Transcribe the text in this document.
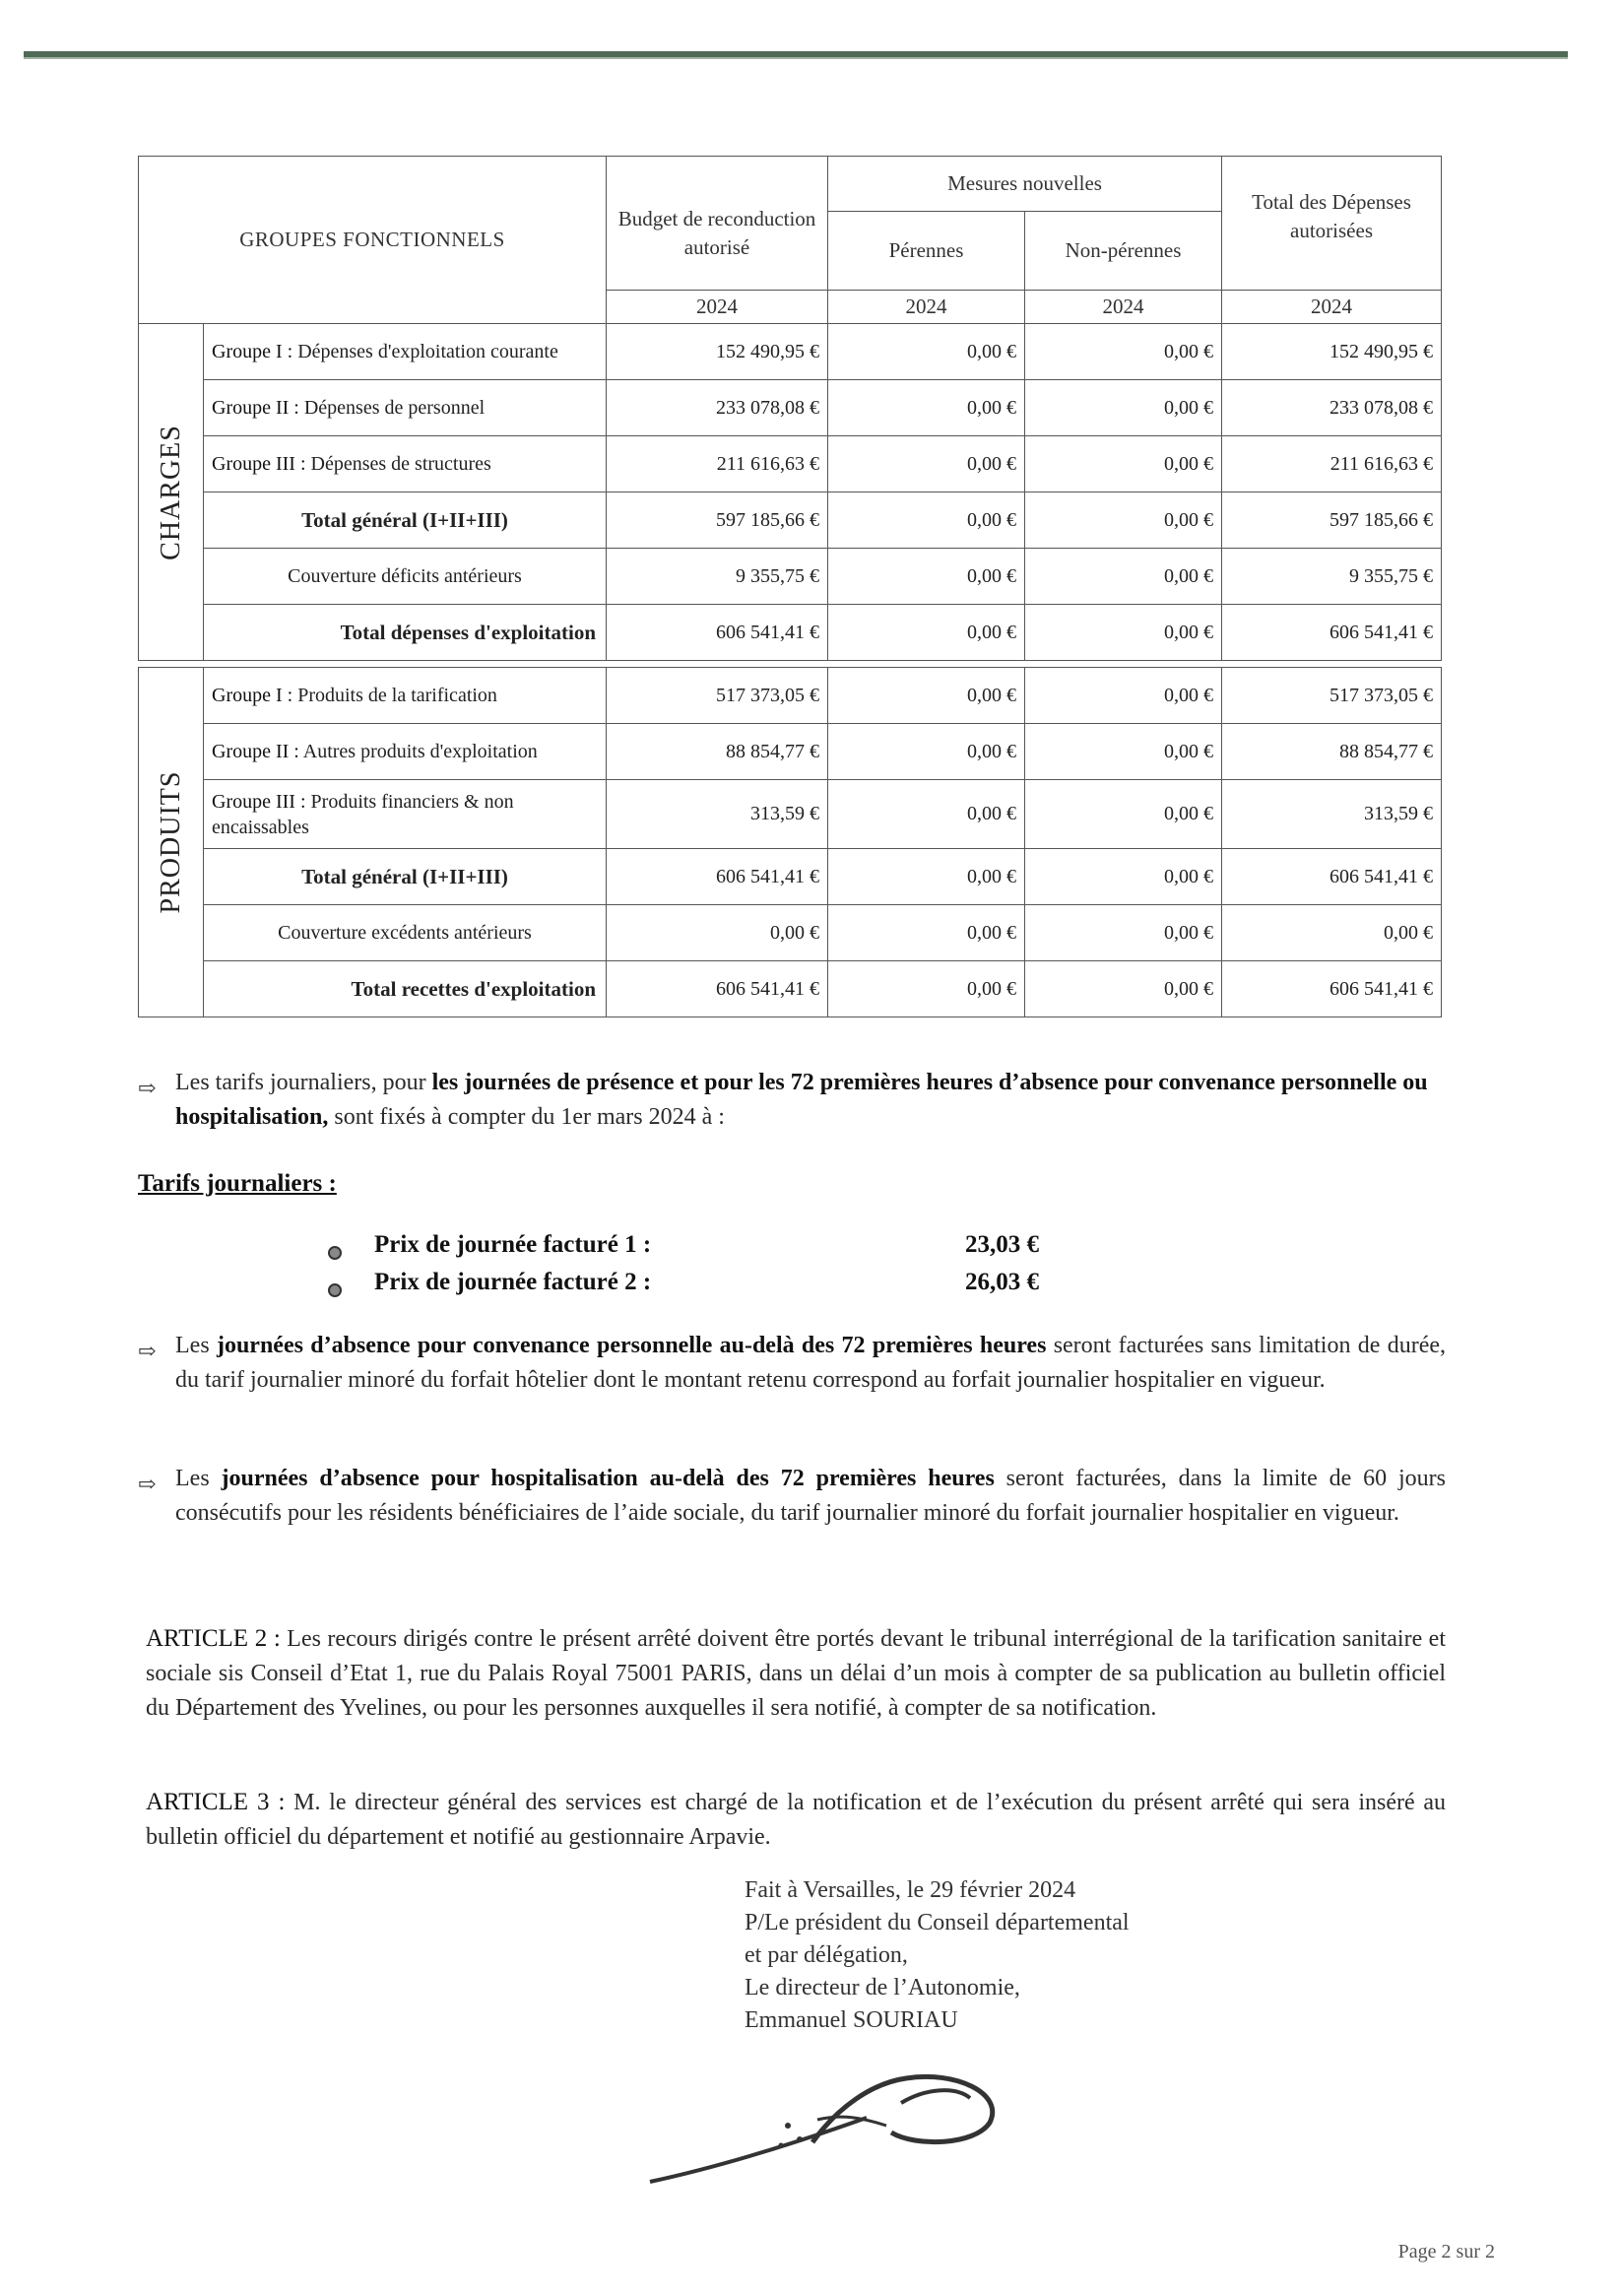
GROUPES FONCTIONNELS		Budget de reconduction autorisé	Mesures nouvelles		Total des Dépenses autorisées
			Pérennes	Non-pérennes	
		2024	2024	2024	2024

CHARGES	Groupe I : Dépenses d'exploitation courante	152 490,95 €	0,00 €	0,00 €	152 490,95 €
	Groupe II : Dépenses de personnel	233 078,08 €	0,00 €	0,00 €	233 078,08 €
	Groupe III : Dépenses de structures	211 616,63 €	0,00 €	0,00 €	211 616,63 €
	Total général (I+II+III)	597 185,66 €	0,00 €	0,00 €	597 185,66 €
	Couverture déficits antérieurs	9 355,75 €	0,00 €	0,00 €	9 355,75 €
	Total dépenses d'exploitation	606 541,41 €	0,00 €	0,00 €	606 541,41 €

PRODUITS	Groupe I : Produits de la tarification	517 373,05 €	0,00 €	0,00 €	517 373,05 €
	Groupe II : Autres produits d'exploitation	88 854,77 €	0,00 €	0,00 €	88 854,77 €
	Groupe III : Produits financiers & non encaissables	313,59 €	0,00 €	0,00 €	313,59 €
	Total général (I+II+III)	606 541,41 €	0,00 €	0,00 €	606 541,41 €
	Couverture excédents antérieurs	0,00 €	0,00 €	0,00 €	0,00 €
	Total recettes d'exploitation	606 541,41 €	0,00 €	0,00 €	606 541,41 €
⇨ Les tarifs journaliers, pour les journées de présence et pour les 72 premières heures d’absence pour convenance personnelle ou hospitalisation, sont fixés à compter du 1er mars 2024 à :
Tarifs journaliers :
Prix de journée facturé 1 :	23,03 €
Prix de journée facturé 2 :	26,03 €
⇨ Les journées d’absence pour convenance personnelle au-delà des 72 premières heures seront facturées sans limitation de durée, du tarif journalier minoré du forfait hôtelier dont le montant retenu correspond au forfait journalier hospitalier en vigueur.
⇨ Les journées d’absence pour hospitalisation au-delà des 72 premières heures seront facturées, dans la limite de 60 jours consécutifs pour les résidents bénéficiaires de l’aide sociale, du tarif journalier minoré du forfait journalier hospitalier en vigueur.
ARTICLE 2 : Les recours dirigés contre le présent arrêté doivent être portés devant le tribunal interrégional de la tarification sanitaire et sociale sis Conseil d’Etat 1, rue du Palais Royal 75001 PARIS, dans un délai d’un mois à compter de sa publication au bulletin officiel du Département des Yvelines, ou pour les personnes auxquelles il sera notifié, à compter de sa notification.
ARTICLE 3 : M. le directeur général des services est chargé de la notification et de l’exécution du présent arrêté qui sera inséré au bulletin officiel du département et notifié au gestionnaire Arpavie.
Fait à Versailles, le 29 février 2024
P/Le président du Conseil départemental
et par délégation,
Le directeur de l’Autonomie,
Emmanuel SOURIAU
Page 2 sur 2
